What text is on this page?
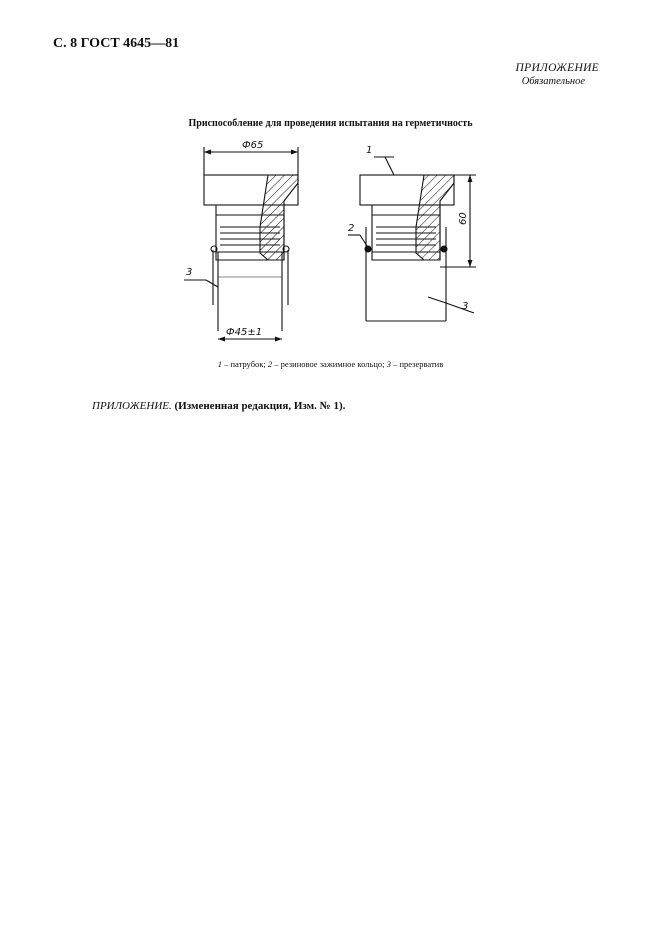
С. 8 ГОСТ 4645—81
ПРИЛОЖЕНИЕ
Обязательное
Приспособление для проведения испытания на герметичность
Ф65
Ф45±1
60
1
2
3
3
1 – патрубок; 2 – резиновое зажимное кольцо; 3 – презерватив
ПРИЛОЖЕНИЕ. (Измененная редакция, Изм. № 1).
